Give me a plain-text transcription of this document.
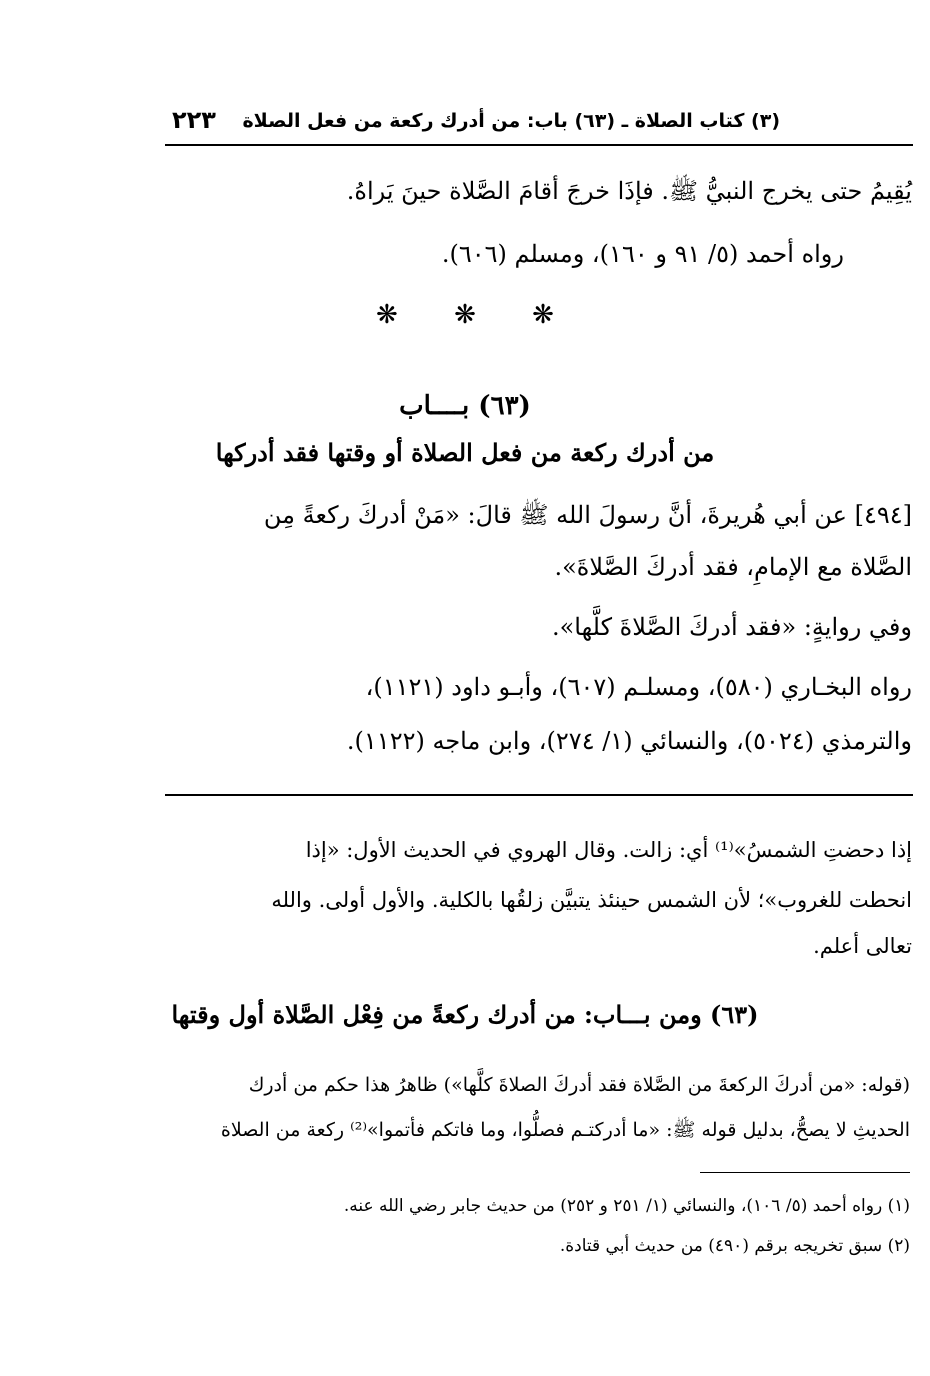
(٣) كتاب الصلاة ـ (٦٣) باب: من أدرك ركعة من فعل الصلاة
٢٢٣
يُقِيمُ حتى يخرج النبيُّ ﷺ. فإذَا خرجَ أقامَ الصَّلاة حينَ يَراهُ.
رواه أحمد (٥/ ٩١ و ١٦٠)، ومسلم (٦٠٦).
❋ ❋ ❋
(٦٣) بــــاب
من أدرك ركعة من فعل الصلاة أو وقتها فقد أدركها
[٤٩٤] عن أبي هُريرةَ، أنَّ رسولَ الله ﷺ قالَ: «مَنْ أدركَ ركعةً مِن
الصَّلاة مع الإمامِ، فقد أدركَ الصَّلاةَ».
وفي روايةٍ: «فقد أدركَ الصَّلاةَ كلَّها».
رواه البخـاري (٥٨٠)، ومسلـم (٦٠٧)، وأبـو داود (١١٢١)،
والترمذي (٥٠٢٤)، والنسائي (١/ ٢٧٤)، وابن ماجه (١١٢٢).
إذا دحضتِ الشمسُ»⁽¹⁾ أي: زالت. وقال الهروي في الحديث الأول: «إذا
انحطت للغروب»؛ لأن الشمس حينئذ يتبيَّن زلقُها بالكلية. والأول أولى. والله
تعالى أعلم.
(٦٣) ومن بـــاب: من أدرك ركعةً من فِعْل الصَّلاة أول وقتها
(قوله: «من أدركَ الركعةَ من الصَّلاة فقد أدركَ الصلاةَ كلَّها») ظاهرُ هذا حكم من أدرك
الحديثِ لا يصحُّ، بدليل قوله ﷺ: «ما أدركتـم فصلُّوا، وما فاتكم فأتموا»⁽²⁾ ركعة من الصلاة
(١) رواه أحمد (٥/ ١٠٦)، والنسائي (١/ ٢٥١ و ٢٥٢) من حديث جابر رضي الله عنه.
(٢) سبق تخريجه برقم (٤٩٠) من حديث أبي قتادة.
